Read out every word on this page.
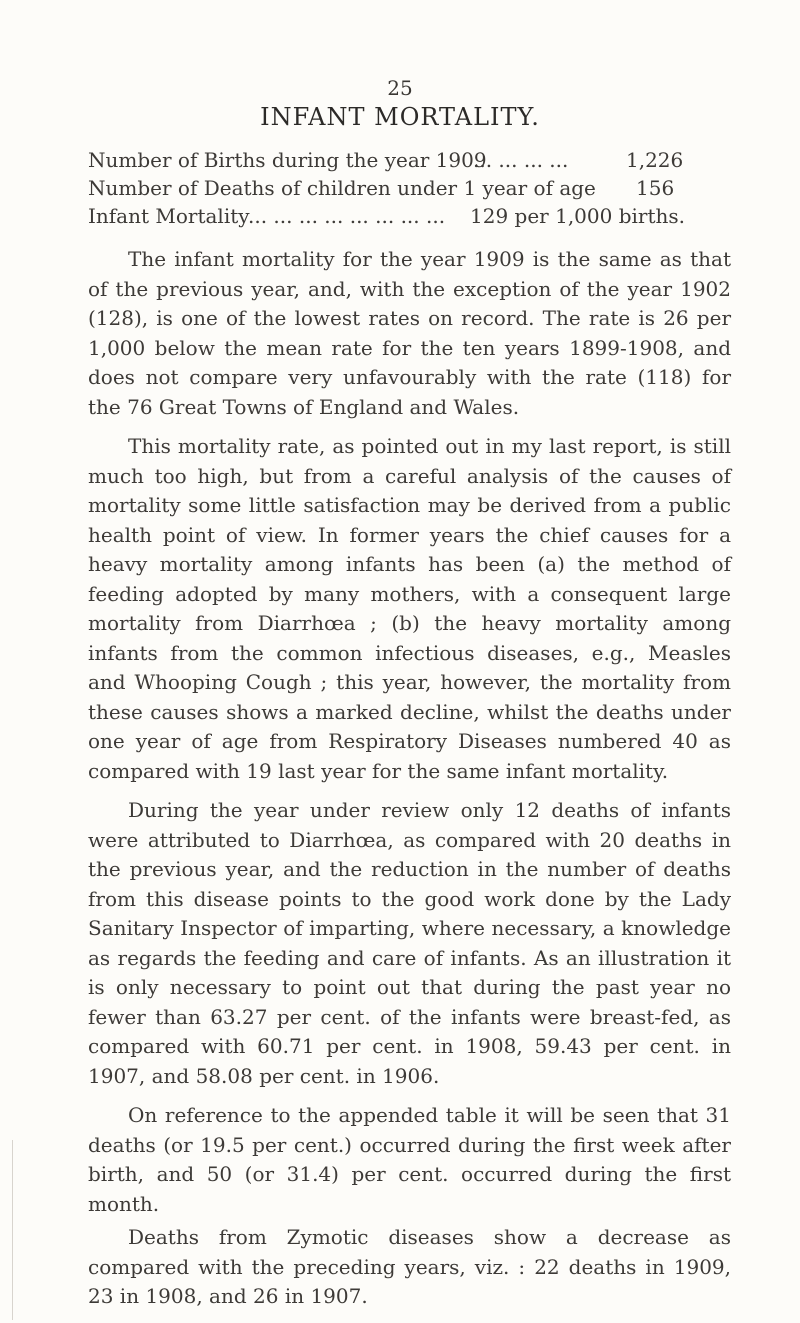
25
INFANT MORTALITY.
Number of Births during the year 1909
... ... ... ...	1,226
Number of Deaths of children under 1 year of age 156
Infant Mortality
... ... ... ... ... ... ... ... 129 per 1,000 births.

The infant mortality for the year 1909 is the same as that of the previous year, and, with the exception of the year 1902 (128), is one of the lowest rates on record. The rate is 26 per 1,000 below the mean rate for the ten years 1899-1908, and does not compare very unfavourably with the rate (118) for the 76 Great Towns of England and Wales.

This mortality rate, as pointed out in my last report, is still much too high, but from a careful analysis of the causes of mortality some little satisfaction may be derived from a public health point of view. In former years the chief causes for a heavy mortality among infants has been (a) the method of feeding adopted by many mothers, with a consequent large mortality from Diarrhœa ; (b) the heavy mortality among infants from the common infectious diseases, e.g., Measles and Whooping Cough ; this year, however, the mortality from these causes shows a marked decline, whilst the deaths under one year of age from Respiratory Diseases numbered 40 as compared with 19 last year for the same infant mortality.

During the year under review only 12 deaths of infants were attributed to Diarrhœa, as compared with 20 deaths in the previous year, and the reduction in the number of deaths from this disease points to the good work done by the Lady Sanitary Inspector of imparting, where necessary, a knowledge as regards the feeding and care of infants. As an illustration it is only necessary to point out that during the past year no fewer than 63.27 per cent. of the infants were breast-fed, as compared with 60.71 per cent. in 1908, 59.43 per cent. in 1907, and 58.08 per cent. in 1906.

On reference to the appended table it will be seen that 31 deaths (or 19.5 per cent.) occurred during the first week after birth, and 50 (or 31.4) per cent. occurred during the first month.

Deaths from Zymotic diseases show a decrease as compared with the preceding years, viz. : 22 deaths in 1909, 23 in 1908, and 26 in 1907.
